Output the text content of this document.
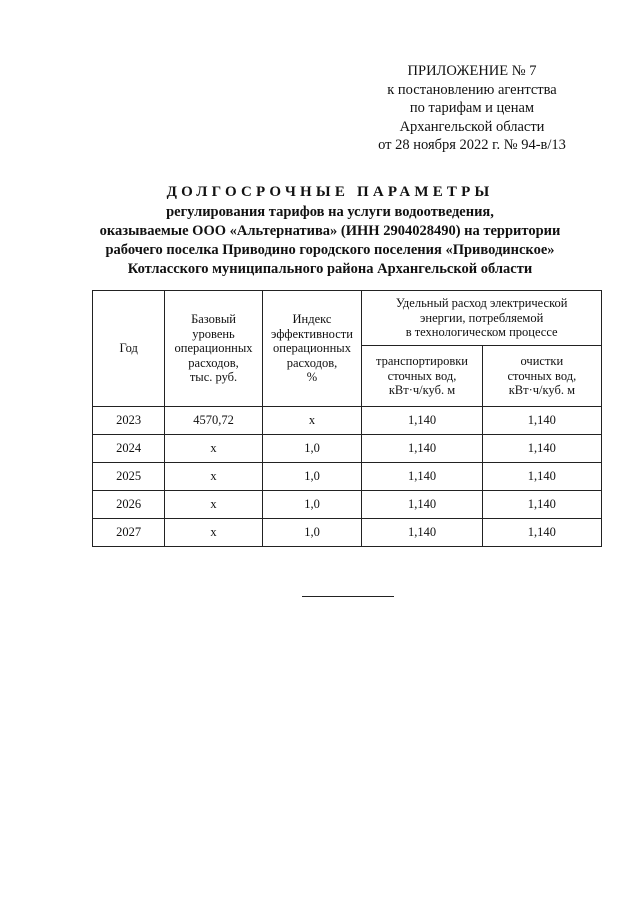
ПРИЛОЖЕНИЕ № 7
к постановлению агентства
по тарифам и ценам
Архангельской области
от 28 ноября 2022 г. № 94-в/13
ДОЛГОСРОЧНЫЕ ПАРАМЕТРЫ
регулирования тарифов на услуги водоотведения,
оказываемые ООО «Альтернатива» (ИНН 2904028490) на территории
рабочего поселка Приводино городского поселения «Приводинское»
Котласского муниципального района Архангельской области
Год	Базовый
уровень
операционных
расходов,
тыс. руб.	Индекс
эффективности
операционных
расходов,
%	Удельный расход электрической
энергии, потребляемой
в технологическом процессе	

			транспортировки
сточных вод,
кВт·ч/куб. м	очистки
сточных вод,
кВт·ч/куб. м

2023	4570,72	х	1,140	1,140
2024	х	1,0	1,140	1,140
2025	х	1,0	1,140	1,140
2026	х	1,0	1,140	1,140
2027	х	1,0	1,140	1,140
